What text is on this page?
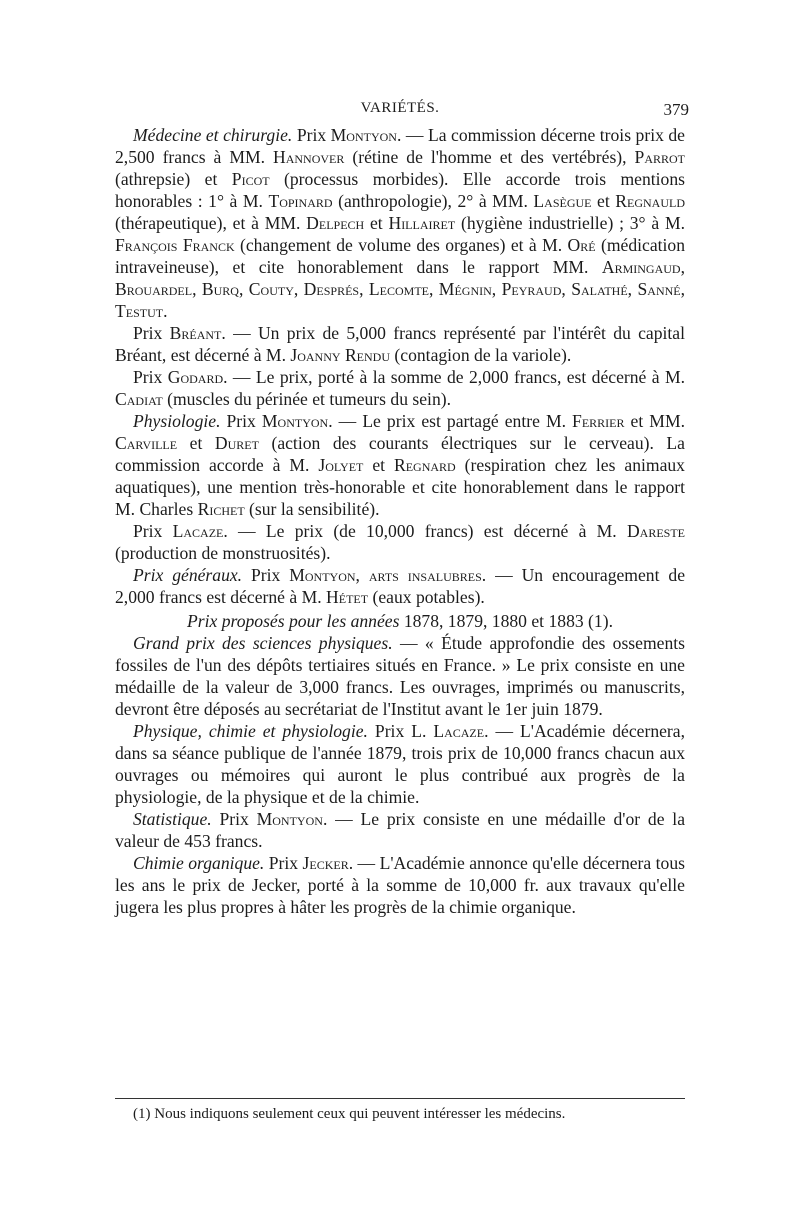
VARIÉTÉS.	379

Médecine et chirurgie. Prix Montyon. — La commission décerne trois prix de 2,500 francs à MM. Hannover (rétine de l'homme et des vertébrés), Parrot (athrepsie) et Picot (processus morbides). Elle accorde trois mentions honorables : 1° à M. Topinard (anthropologie), 2° à MM. Lasègue et Regnauld (thérapeutique), et à MM. Delpech et Hillairet (hygiène industrielle) ; 3° à M. François Franck (changement de volume des organes) et à M. Oré (médication intraveineuse), et cite honorablement dans le rapport MM. Armingaud, Brouardel, Burq, Couty, Després, Lecomte, Mégnin, Peyraud, Salathé, Sanné, Testut.

Prix Bréant. — Un prix de 5,000 francs représenté par l'intérêt du capital Bréant, est décerné à M. Joanny Rendu (contagion de la variole).

Prix Godard. — Le prix, porté à la somme de 2,000 francs, est décerné à M. Cadiat (muscles du périnée et tumeurs du sein).

Physiologie. Prix Montyon. — Le prix est partagé entre M. Ferrier et MM. Carville et Duret (action des courants électriques sur le cerveau). La commission accorde à M. Jolyet et Regnard (respiration chez les animaux aquatiques), une mention très-honorable et cite honorablement dans le rapport M. Charles Richet (sur la sensibilité).

Prix Lacaze. — Le prix (de 10,000 francs) est décerné à M. Dareste (production de monstruosités).

Prix généraux. Prix Montyon, arts insalubres. — Un encouragement de 2,000 francs est décerné à M. Hétet (eaux potables).

Prix proposés pour les années 1878, 1879, 1880 et 1883 (1).

Grand prix des sciences physiques. — « Étude approfondie des ossements fossiles de l'un des dépôts tertiaires situés en France. » Le prix consiste en une médaille de la valeur de 3,000 francs. Les ouvrages, imprimés ou manuscrits, devront être déposés au secrétariat de l'Institut avant le 1er juin 1879.

Physique, chimie et physiologie. Prix L. Lacaze. — L'Académie décernera, dans sa séance publique de l'année 1879, trois prix de 10,000 francs chacun aux ouvrages ou mémoires qui auront le plus contribué aux progrès de la physiologie, de la physique et de la chimie.

Statistique. Prix Montyon. — Le prix consiste en une médaille d'or de la valeur de 453 francs.

Chimie organique. Prix Jecker. — L'Académie annonce qu'elle décernera tous les ans le prix de Jecker, porté à la somme de 10,000 fr. aux travaux qu'elle jugera les plus propres à hâter les progrès de la chimie organique.

(1) Nous indiquons seulement ceux qui peuvent intéresser les médecins.
